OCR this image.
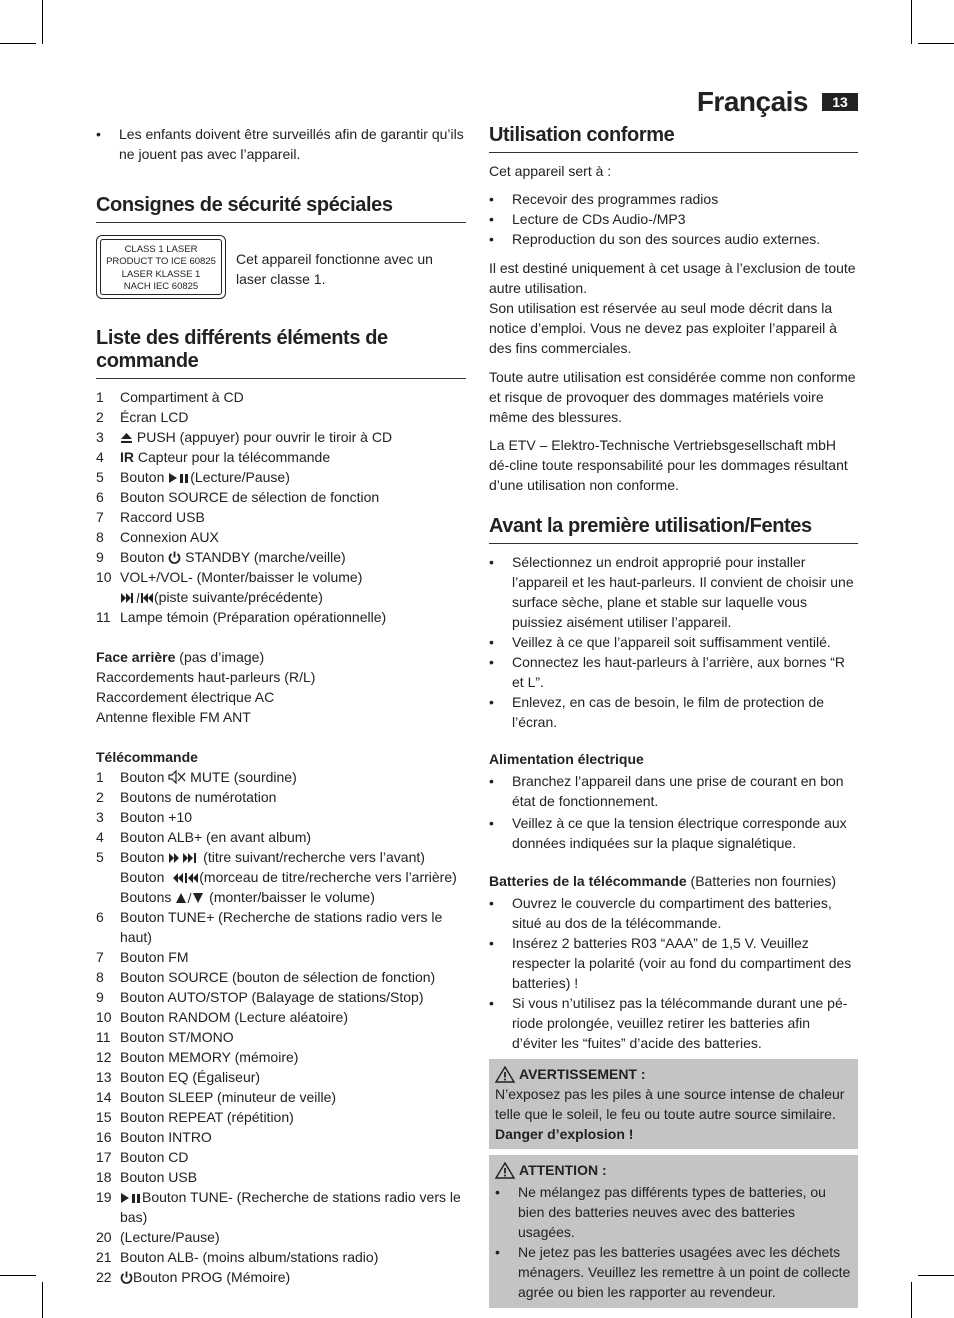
Français	13
• Les enfants doivent être surveillés afin de garantir qu’ils ne jouent pas avec l’appareil.
Consignes de sécurité spéciales
CLASS 1 LASER
PRODUCT TO ICE 60825
LASER KLASSE 1
NACH IEC 60825
Cet appareil fonctionne avec un laser classe 1.
Liste des différents éléments de commande
1	Compartiment à CD
2	Écran LCD
3	PUSH (appuyer) pour ouvrir le tiroir à CD
4	IR Capteur pour la télécommande
5	Bouton (Lecture/Pause)
6	Bouton SOURCE de sélection de fonction
7	Raccord USB
8	Connexion AUX
9	Bouton  STANDBY (marche/veille)
10 VOL+/VOL- (Monter/baisser le volume)
(piste suivante/précédente)
11 Lampe témoin (Préparation opérationnelle)

Face arrière (pas d’image)

Raccordements haut-parleurs (R/L)

Raccordement électrique AC

Antenne flexible FM ANT

Télécommande

1	Bouton  MUTE (sourdine)
2	Boutons de numérotation
3	Bouton +10
4	Bouton ALB+ (en avant album)
5	Bouton  (titre suivant/recherche vers l’avant)
Bouton (morceau de titre/recherche vers l’arrière)
Boutons  (monter/baisser le volume)
6	Bouton TUNE+ (Recherche de stations radio vers le haut)
7	Bouton FM
8	Bouton SOURCE (bouton de sélection de fonction)
9	Bouton AUTO/STOP (Balayage de stations/Stop)
10 Bouton RANDOM (Lecture aléatoire)
11 Bouton ST/MONO
12 Bouton MEMORY (mémoire)
13 Bouton EQ (Égaliseur)
14 Bouton SLEEP (minuteur de veille)
15 Bouton REPEAT (répétition)
16 Bouton INTRO
17 Bouton CD
18 Bouton USB
19	Bouton TUNE- (Recherche de stations radio vers le bas)
20 (Lecture/Pause)
21 Bouton ALB- (moins album/stations radio)
22	Bouton PROG (Mémoire)
Utilisation conforme

Cet appareil sert à :

• Recevoir des programmes radios
• Lecture de CDs Audio-/MP3
• Reproduction du son des sources audio externes.

Il est destiné uniquement à cet usage à l’exclusion de toute autre utilisation.

Son utilisation est réservée au seul mode décrit dans la notice d’emploi. Vous ne devez pas exploiter l’appareil à des fins commerciales.

Toute autre utilisation est considérée comme non conforme et risque de provoquer des dommages matériels voire même des blessures.

La ETV – Elektro-Technische Vertriebsgesellschaft mbH dé-cline toute responsabilité pour les dommages résultant d’une utilisation non conforme.

Avant la première utilisation/Fentes
• Sélectionnez un endroit approprié pour installer l’appareil et les haut-parleurs. Il convient de choisir une surface sèche, plane et stable sur laquelle vous puissiez aisément utiliser l’appareil.
• Veillez à ce que l’appareil soit suffisamment ventilé.
• Connectez les haut-parleurs à l’arrière, aux bornes “R et L”.
• Enlevez, en cas de besoin, le film de protection de l’écran.

Alimentation électrique

• Branchez l’appareil dans une prise de courant en bon état de fonctionnement.
• Veillez à ce que la tension électrique corresponde aux données indiquées sur la plaque signalétique.

Batteries de la télécommande (Batteries non fournies)

• Ouvrez le couvercle du compartiment des batteries, situé au dos de la télécommande.
• Insérez 2 batteries R03 “AAA” de 1,5 V. Veuillez respecter la polarité (voir au fond du compartiment des batteries) !
• Si vous n’utilisez pas la télécommande durant une pé-riode prolongée, veuillez retirer les batteries afin d’éviter les “fuites” d’acide des batteries.
AVERTISSEMENT :

N’exposez pas les piles à une source intense de chaleur telle que le soleil, le feu ou toute autre source similaire.

Danger d’explosion !

ATTENTION :
• Ne mélangez pas différents types de batteries, ou bien des batteries neuves avec des batteries usagées.
• Ne jetez pas les batteries usagées avec les déchets ménagers. Veuillez les remettre à un point de collecte agrée ou bien les rapporter au revendeur.
